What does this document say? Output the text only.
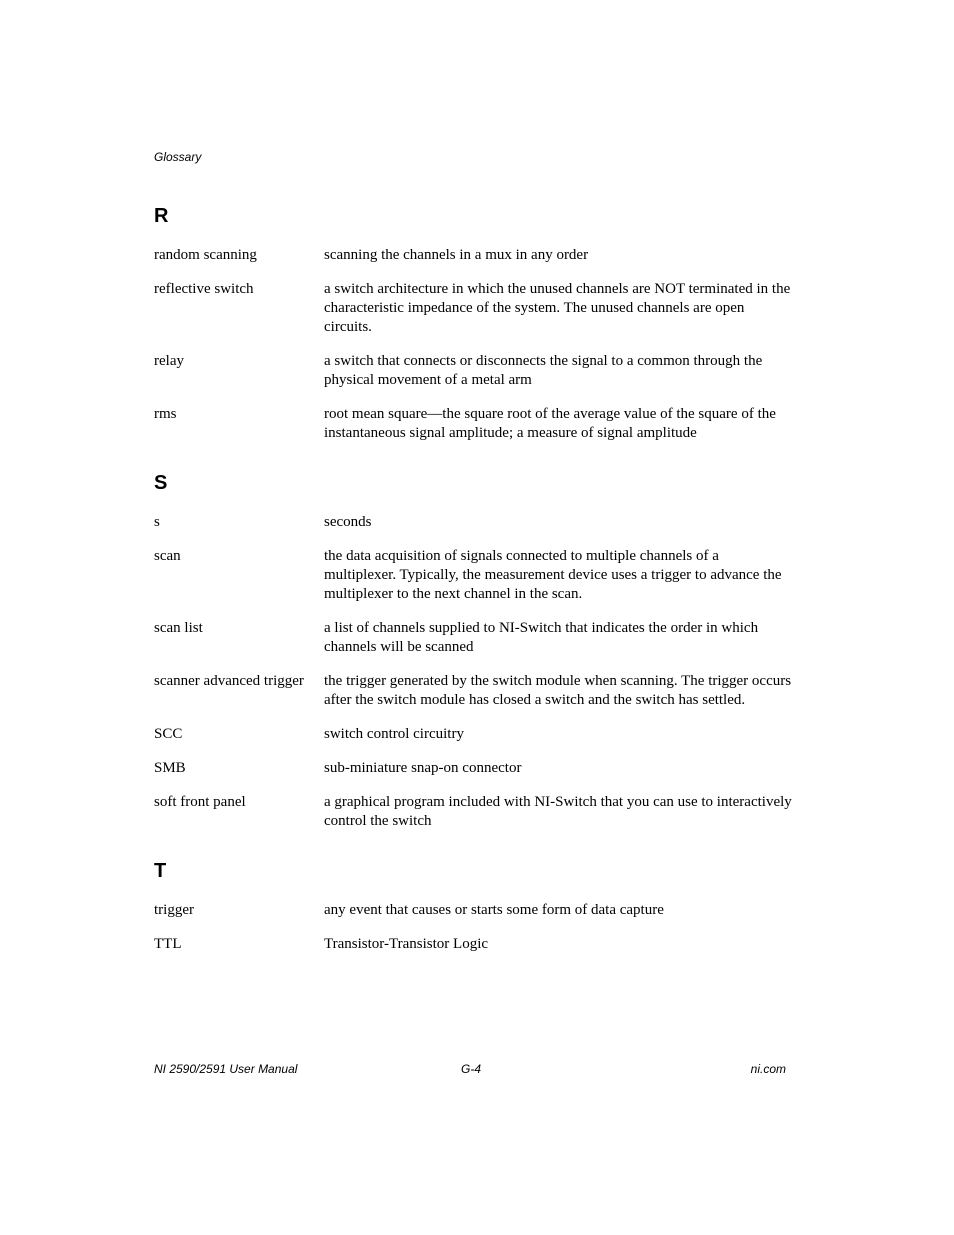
Glossary
R
random scanning	scanning the channels in a mux in any order
reflective switch	a switch architecture in which the unused channels are NOT terminated in the characteristic impedance of the system. The unused channels are open circuits.
relay	a switch that connects or disconnects the signal to a common through the physical movement of a metal arm
rms	root mean square—the square root of the average value of the square of the instantaneous signal amplitude; a measure of signal amplitude
S
s	seconds
scan	the data acquisition of signals connected to multiple channels of a multiplexer. Typically, the measurement device uses a trigger to advance the multiplexer to the next channel in the scan.
scan list	a list of channels supplied to NI-Switch that indicates the order in which channels will be scanned
scanner advanced trigger	the trigger generated by the switch module when scanning. The trigger occurs after the switch module has closed a switch and the switch has settled.
SCC	switch control circuitry
SMB	sub-miniature snap-on connector
soft front panel	a graphical program included with NI-Switch that you can use to interactively control the switch
T
trigger	any event that causes or starts some form of data capture
TTL	Transistor-Transistor Logic
NI 2590/2591 User Manual	G-4	ni.com
